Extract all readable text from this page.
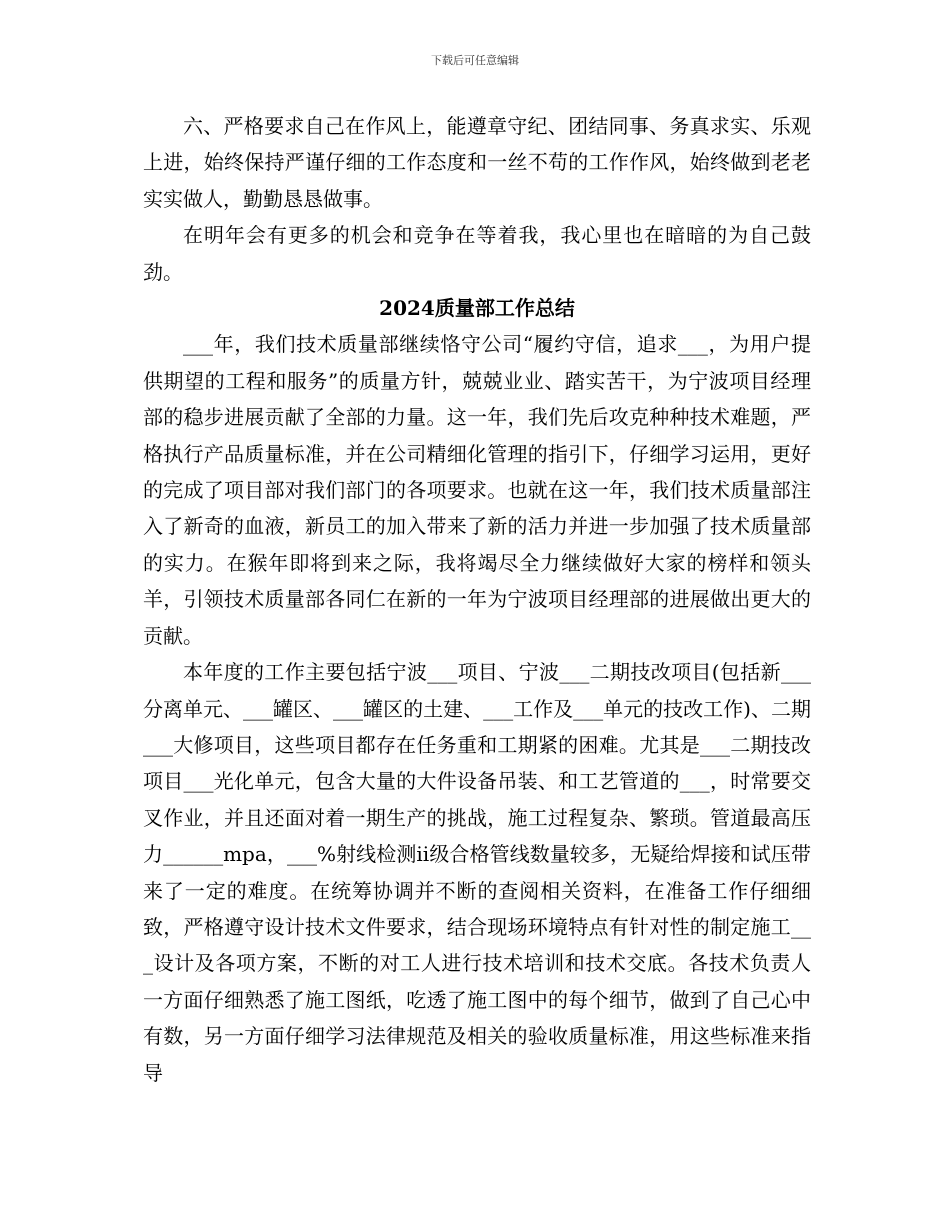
下载后可任意编辑

六、严格要求自己在作风上，能遵章守纪、团结同事、务真求实、乐观上进，始终保持严谨仔细的工作态度和一丝不苟的工作作风，始终做到老老实实做人，勤勤恳恳做事。

在明年会有更多的机会和竞争在等着我，我心里也在暗暗的为自己鼓劲。

2024质量部工作总结

___年，我们技术质量部继续恪守公司“履约守信，追求___，为用户提供期望的工程和服务”的质量方针，兢兢业业、踏实苦干，为宁波项目经理部的稳步进展贡献了全部的力量。这一年，我们先后攻克种种技术难题，严格执行产品质量标准，并在公司精细化管理的指引下，仔细学习运用，更好的完成了项目部对我们部门的各项要求。也就在这一年，我们技术质量部注入了新奇的血液，新员工的加入带来了新的活力并进一步加强了技术质量部的实力。在猴年即将到来之际，我将竭尽全力继续做好大家的榜样和领头羊，引领技术质量部各同仁在新的一年为宁波项目经理部的进展做出更大的贡献。

本年度的工作主要包括宁波___项目、宁波___二期技改项目(包括新___分离单元、___罐区、___罐区的土建、___工作及___单元的技改工作)、二期___大修项目，这些项目都存在任务重和工期紧的困难。尤其是___二期技改项目___光化单元，包含大量的大件设备吊装、和工艺管道的___，时常要交叉作业，并且还面对着一期生产的挑战，施工过程复杂、繁琐。管道最高压力______mpa，___%射线检测ⅱ级合格管线数量较多，无疑给焊接和试压带来了一定的难度。在统筹协调并不断的查阅相关资料，在准备工作仔细细致，严格遵守设计技术文件要求，结合现场环境特点有针对性的制定施工___设计及各项方案，不断的对工人进行技术培训和技术交底。各技术负责人一方面仔细熟悉了施工图纸，吃透了施工图中的每个细节，做到了自己心中有数，另一方面仔细学习法律规范及相关的验收质量标准，用这些标准来指导
